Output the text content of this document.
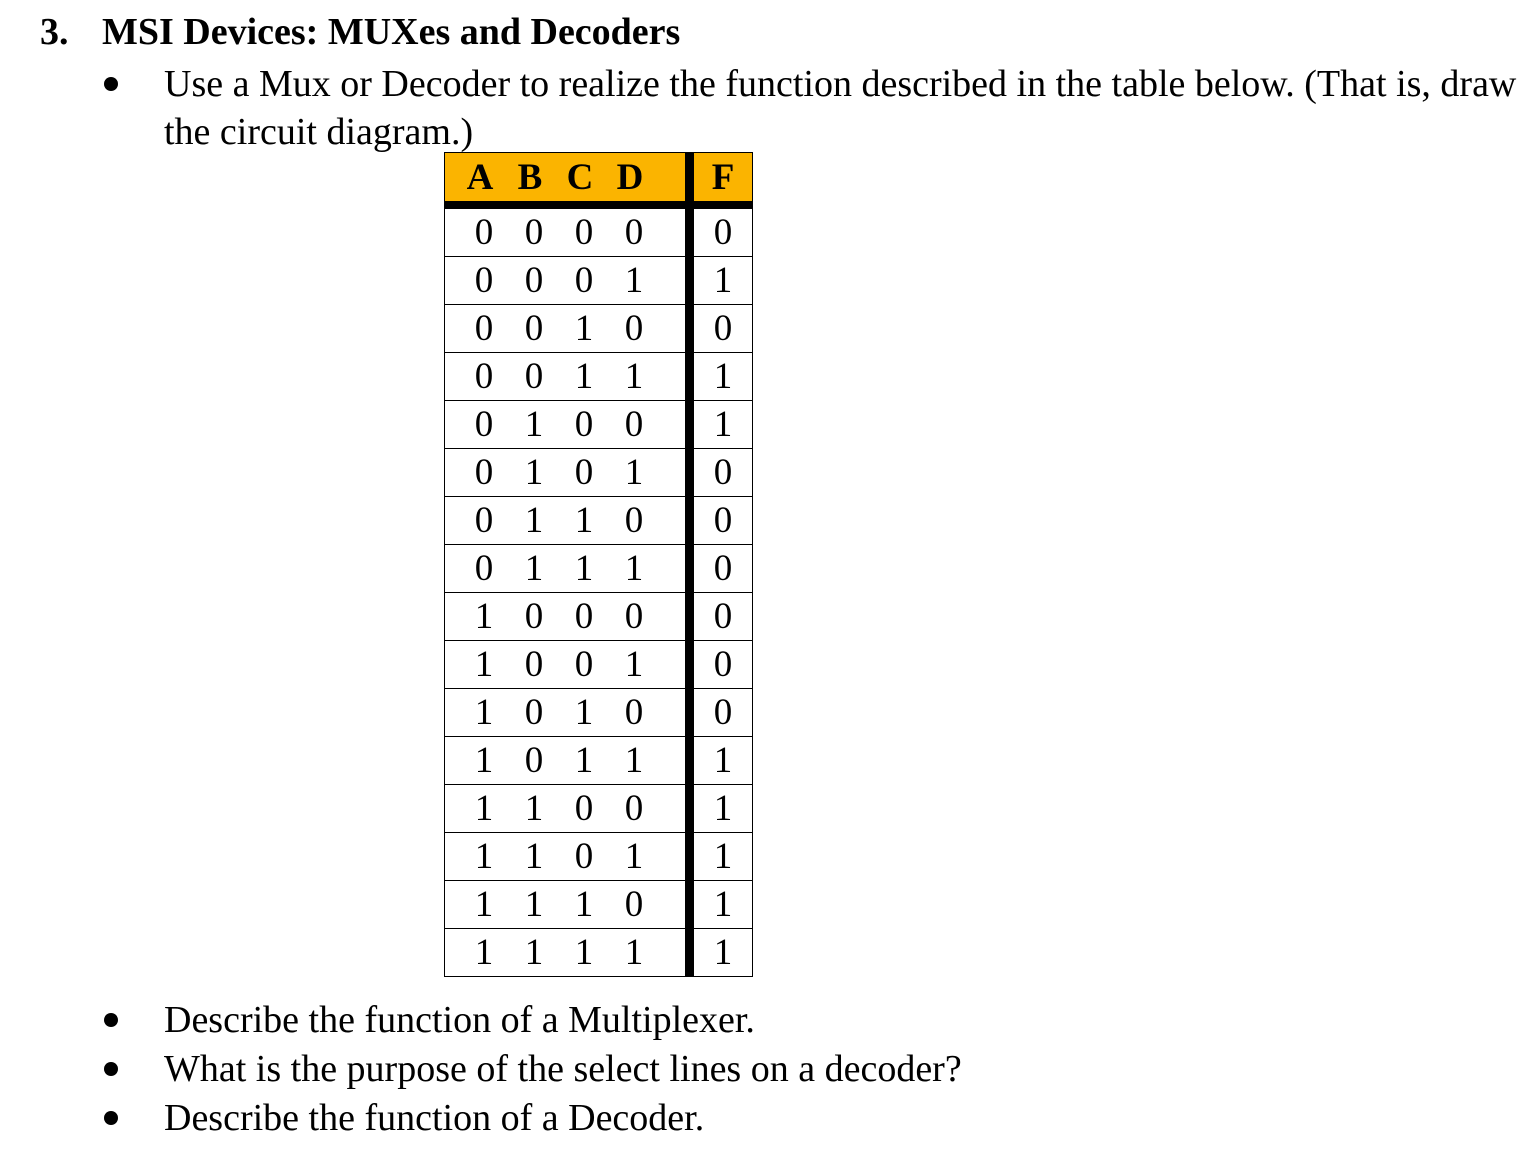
3. MSI Devices: MUXes and Decoders
Use a Mux or Decoder to realize the function described in the table below. (That is, draw the circuit diagram.)
A B C D	F

0 0 0 0	0

0 0 0 1	1

0 0 1 0	0

0 0 1 1	1

0 1 0 0	1

0 1 0 1	0

0 1 1 0	0

0 1 1 1	0

1 0 0 0	0

1 0 0 1	0

1 0 1 0	0

1 0 1 1	1

1 1 0 0	1

1 1 0 1	1

1 1 1 0	1

1 1 1 1	1
Describe the function of a Multiplexer.
What is the purpose of the select lines on a decoder?
Describe the function of a Decoder.
